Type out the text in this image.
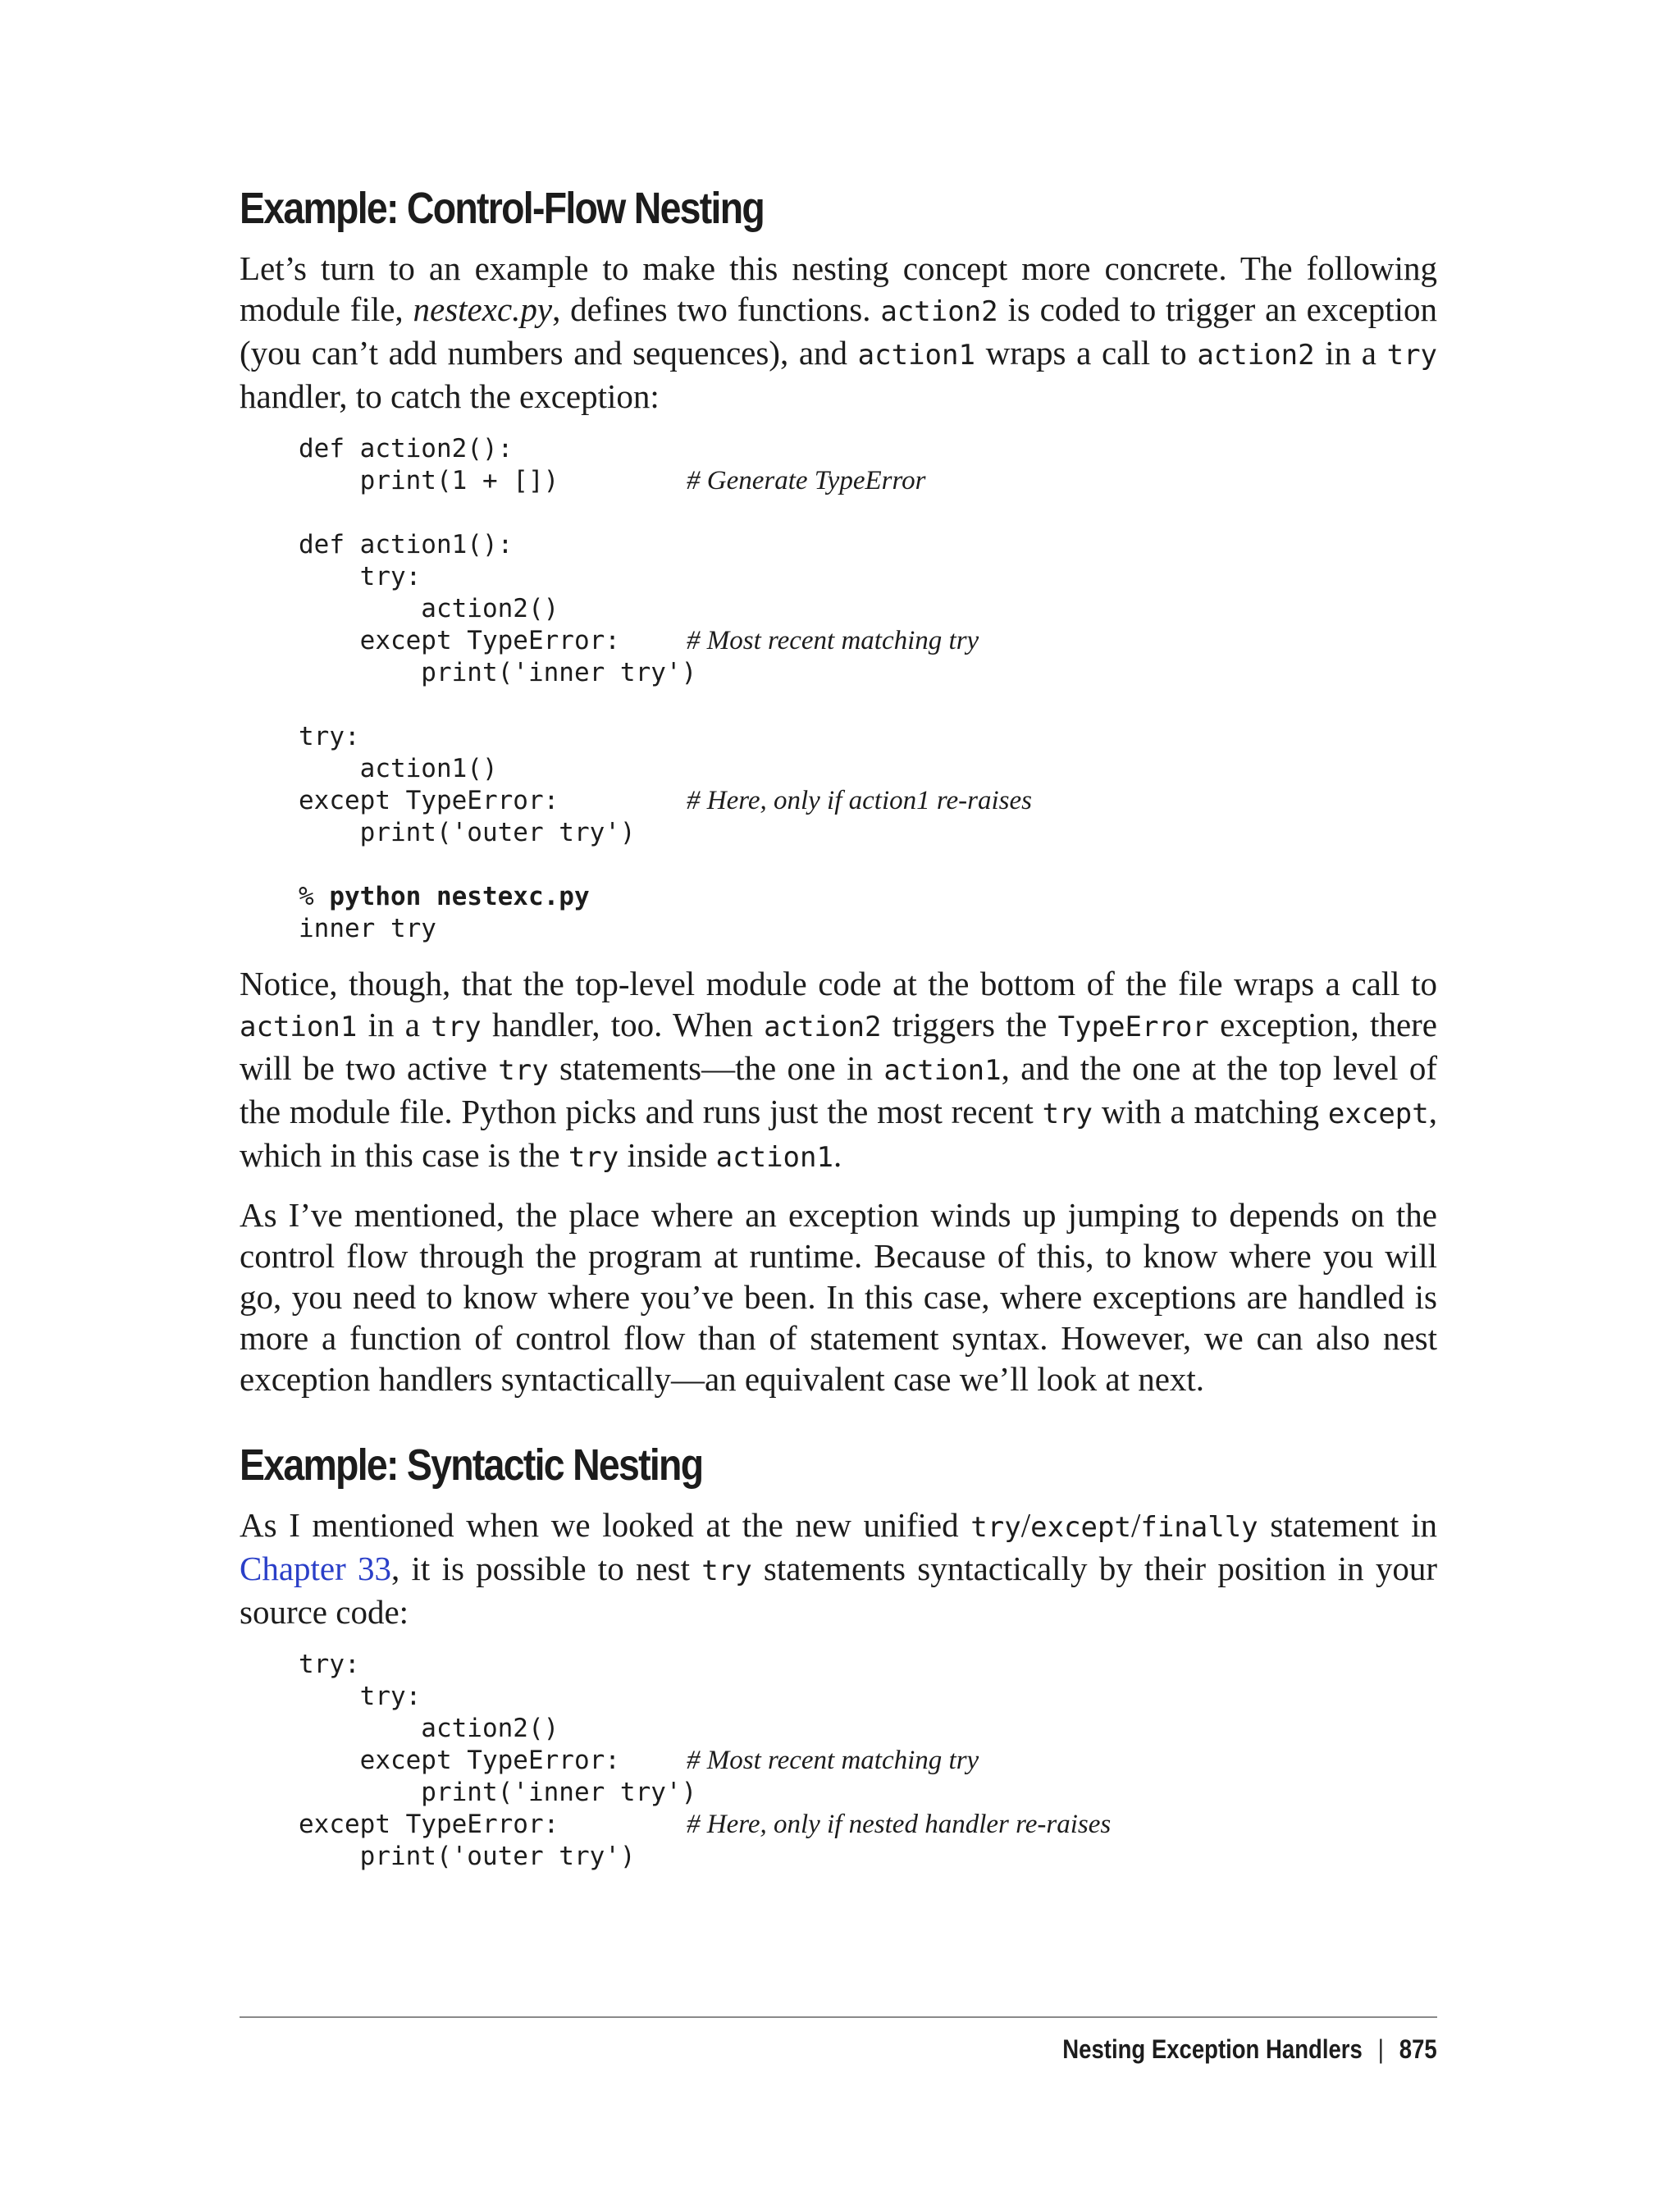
Example: Control-Flow Nesting

Let’s turn to an example to make this nesting concept more concrete. The following module file, nestexc.py, defines two functions. action2 is coded to trigger an exception (you can’t add numbers and sequences), and action1 wraps a call to action2 in a try handler, to catch the exception:

def action2():
print(1 + [])	# Generate TypeError
def action1():
try:
action2()
except TypeError: # Most recent matching try
print('inner try')
try:
action1()
except TypeError:	# Here, only if action1 re-raises
print('outer try')
% python nestexc.py
inner try

Notice, though, that the top-level module code at the bottom of the file wraps a call to action1 in a try handler, too. When action2 triggers the TypeError exception, there will be two active try statements—the one in action1, and the one at the top level of the module file. Python picks and runs just the most recent try with a matching except, which in this case is the try inside action1.

As I’ve mentioned, the place where an exception winds up jumping to depends on the control flow through the program at runtime. Because of this, to know where you will go, you need to know where you’ve been. In this case, where exceptions are handled is more a function of control flow than of statement syntax. However, we can also nest exception handlers syntactically—an equivalent case we’ll look at next.

Example: Syntactic Nesting

As I mentioned when we looked at the new unified try/except/finally statement in Chapter 33, it is possible to nest try statements syntactically by their position in your source code:

try:
try:
action2()
except TypeError: # Most recent matching try
print('inner try')
except TypeError:	# Here, only if nested handler re-raises
print('outer try')
Nesting Exception Handlers | 875
